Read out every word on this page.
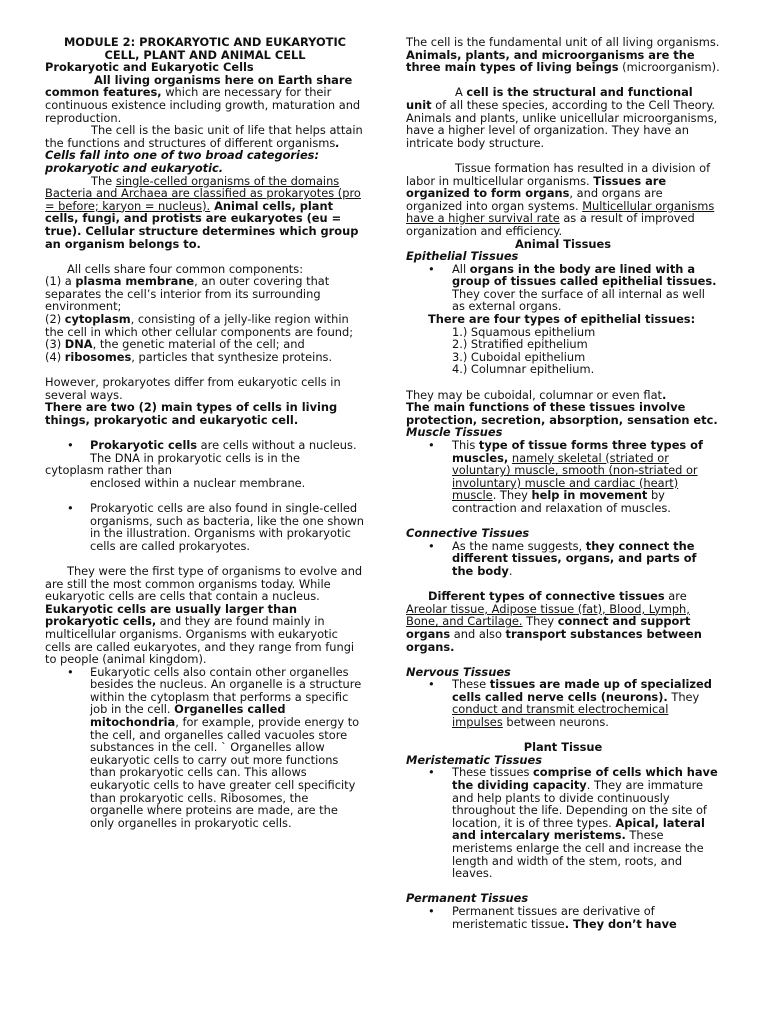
MODULE 2: PROKARYOTIC AND EUKARYOTIC
CELL, PLANT AND ANIMAL CELL

Prokaryotic and Eukaryotic Cells

All living organisms here on Earth share common features, which are necessary for their continuous existence including growth, maturation and reproduction.

The cell is the basic unit of life that helps attain the functions and structures of different organisms. Cells fall into one of two broad categories: prokaryotic and eukaryotic.

The single-celled organisms of the domains Bacteria and Archaea are classified as prokaryotes (pro = before; karyon = nucleus). Animal cells, plant cells, fungi, and protists are eukaryotes (eu = true). Cellular structure determines which group an organism belongs to.

All cells share four common components:

(1) a plasma membrane, an outer covering that separates the cell’s interior from its surrounding environment;

(2) cytoplasm, consisting of a jelly-like region within the cell in which other cellular components are found;

(3) DNA, the genetic material of the cell; and

(4) ribosomes, particles that synthesize proteins.

However, prokaryotes differ from eukaryotic cells in several ways.

There are two (2) main types of cells in living things, prokaryotic and eukaryotic cell.

• Prokaryotic cells are cells without a nucleus.
The DNA in prokaryotic cells is in the

cytoplasm rather than

enclosed within a nuclear membrane.

• Prokaryotic cells are also found in single-celled organisms, such as bacteria, like the one shown in the illustration. Organisms with prokaryotic cells are called prokaryotes.

They were the first type of organisms to evolve and are still the most common organisms today. While eukaryotic cells are cells that contain a nucleus. Eukaryotic cells are usually larger than prokaryotic cells, and they are found mainly in multicellular organisms. Organisms with eukaryotic cells are called eukaryotes, and they range from fungi to people (animal kingdom).

• Eukaryotic cells also contain other organelles besides the nucleus. An organelle is a structure within the cytoplasm that performs a specific job in the cell. Organelles called mitochondria, for example, provide energy to the cell, and organelles called vacuoles store substances in the cell. ` Organelles allow eukaryotic cells to carry out more functions than prokaryotic cells can. This allows eukaryotic cells to have greater cell specificity than prokaryotic cells. Ribosomes, the organelle where proteins are made, are the only organelles in prokaryotic cells.

The cell is the fundamental unit of all living organisms. Animals, plants, and microorganisms are the three main types of living beings (microorganism).

A cell is the structural and functional unit of all these species, according to the Cell Theory. Animals and plants, unlike unicellular microorganisms, have a higher level of organization. They have an intricate body structure.

Tissue formation has resulted in a division of labor in multicellular organisms. Tissues are organized to form organs, and organs are organized into organ systems. Multicellular organisms have a higher survival rate as a result of improved organization and efficiency.

Animal Tissues

Epithelial Tissues

• All organs in the body are lined with a group of tissues called epithelial tissues. They cover the surface of all internal as well as external organs.

There are four types of epithelial tissues:

1.) Squamous epithelium
2.) Stratified epithelium
3.) Cuboidal epithelium
4.) Columnar epithelium.

They may be cuboidal, columnar or even flat.

The main functions of these tissues involve protection, secretion, absorption, sensation etc.

Muscle Tissues

• This type of tissue forms three types of muscles, namely skeletal (striated or voluntary) muscle, smooth (non-striated or involuntary) muscle and cardiac (heart) muscle. They help in movement by contraction and relaxation of muscles.

Connective Tissues

• As the name suggests, they connect the different tissues, organs, and parts of the body.

Different types of connective tissues are Areolar tissue, Adipose tissue (fat), Blood, Lymph, Bone, and Cartilage. They connect and support organs and also transport substances between organs.

Nervous Tissues

• These tissues are made up of specialized cells called nerve cells (neurons). They conduct and transmit electrochemical impulses between neurons.

Plant Tissue

Meristematic Tissues

• These tissues comprise of cells which have the dividing capacity. They are immature and help plants to divide continuously throughout the life. Depending on the site of location, it is of three types. Apical, lateral and intercalary meristems. These meristems enlarge the cell and increase the length and width of the stem, roots, and leaves.

Permanent Tissues

• Permanent tissues are derivative of meristematic tissue. They don’t have
